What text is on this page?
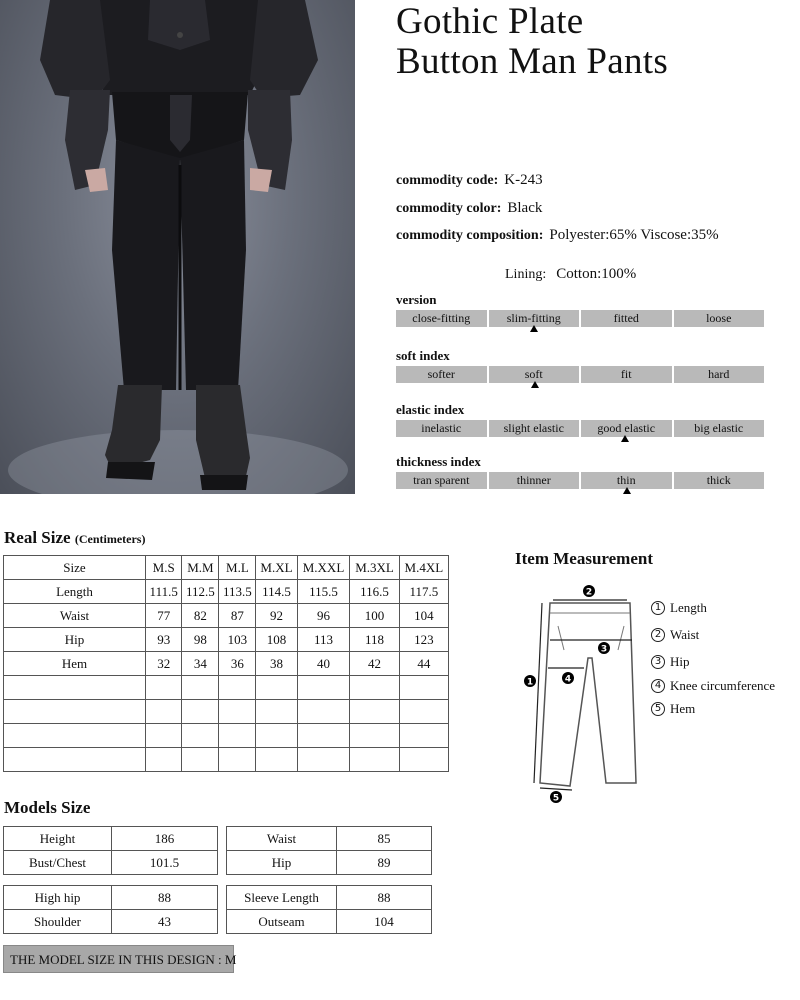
Gothic Plate
Button Man Pants
commodity code: K-243
commodity color: Black
commodity composition: Polyester:65% Viscose:35%
Lining: Cotton:100%
version
close-fitting	slim-fitting	fitted	loose
soft index
softer	soft	fit	hard
elastic index
inelastic	slight elastic	good elastic	big elastic
thickness index
tran sparent	thinner	thin	thick
Real Size (Centimeters)
Size	M.S	M.M	M.L	M.XL	M.XXL	M.3XL	M.4XL
Length	111.5	112.5	113.5	114.5	115.5	116.5	117.5
Waist	77	82	87	92	96	100	104
Hip	93	98	103	108	113	118	123
Hem	32	34	36	38	40	42	44

Item Measurement
2
3
4
1
5
1 Length
2 Waist
3 Hip
4 Knee circumference
5 Hem
Models Size
Height	186
Bust/Chest	101.5
Waist	85
Hip	89
High hip	88
Shoulder	43
Sleeve Length	88
Outseam	104
THE MODEL SIZE IN THIS DESIGN : M
